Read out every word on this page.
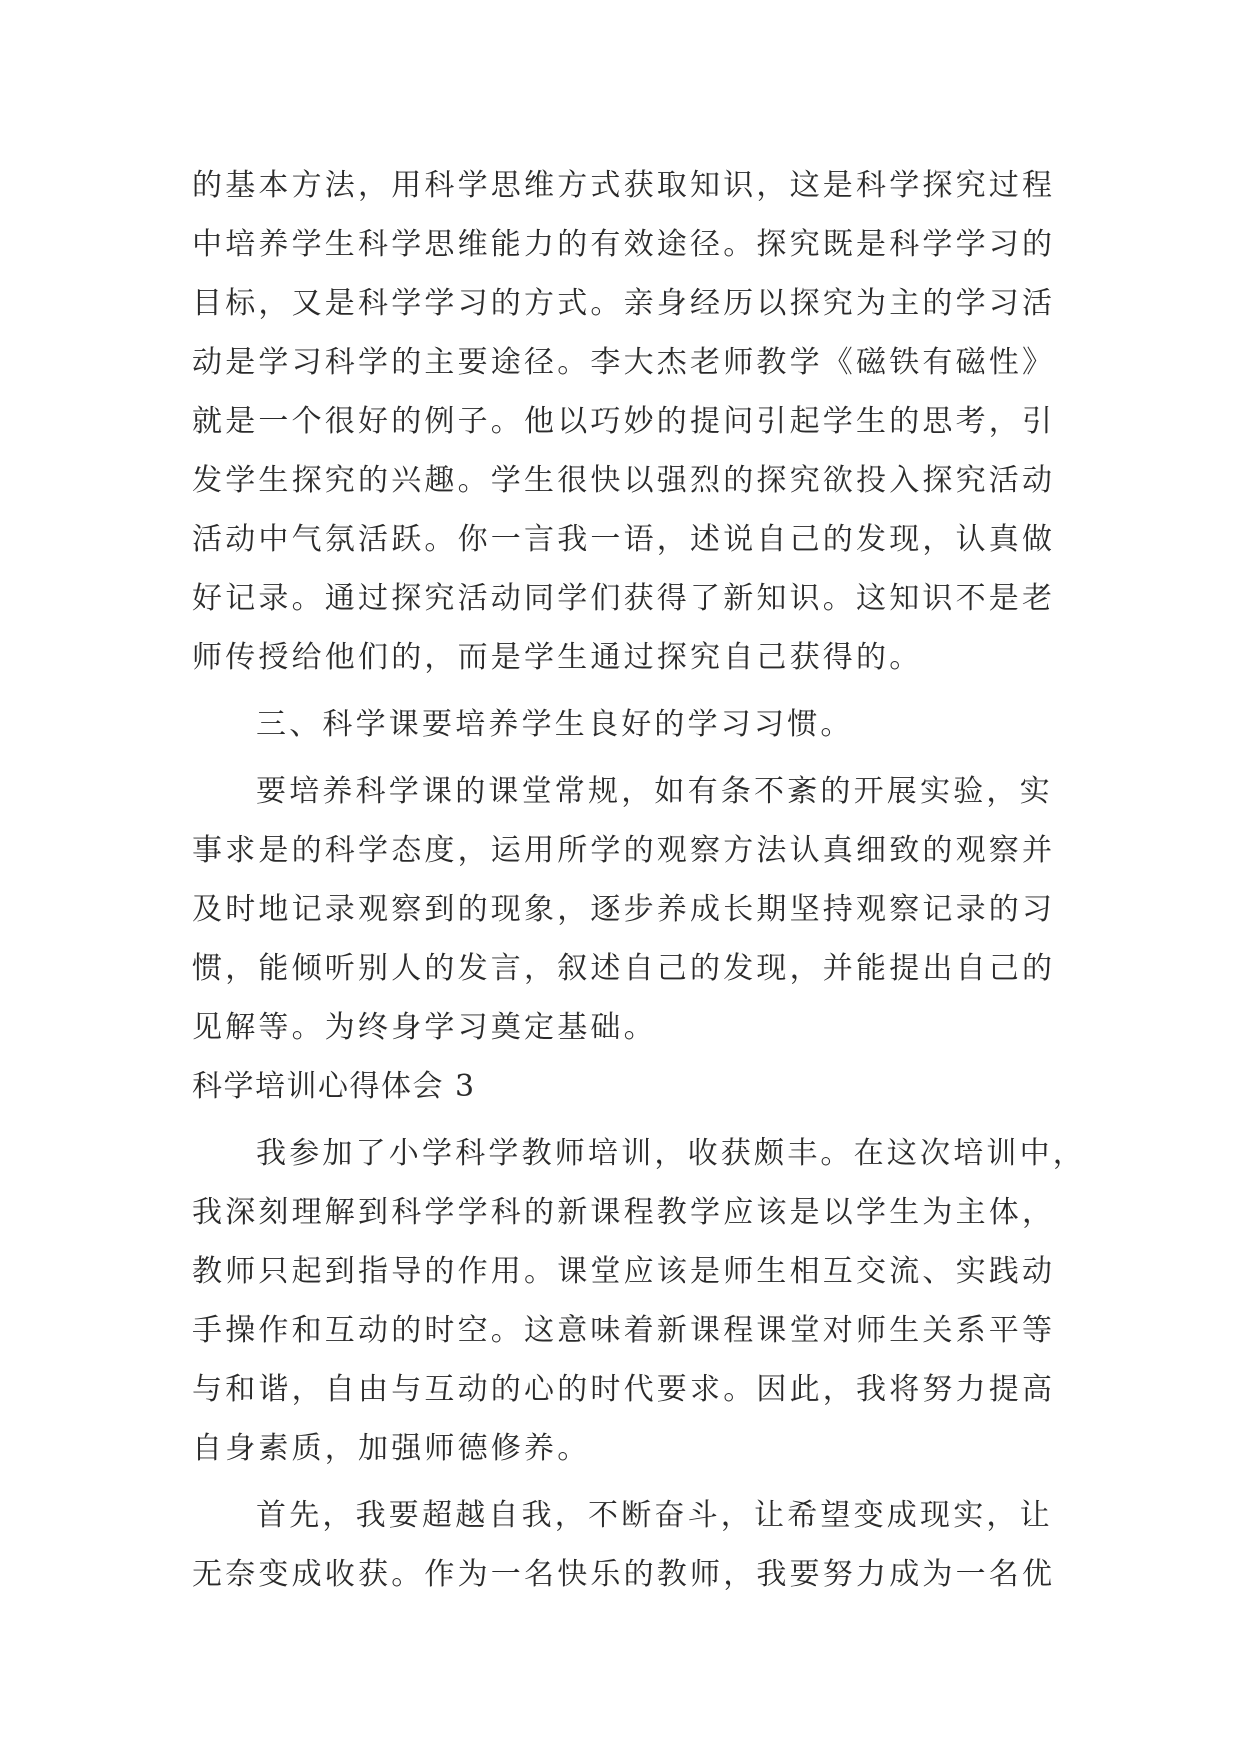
的基本方法，用科学思维方式获取知识，这是科学探究过程
中培养学生科学思维能力的有效途径。探究既是科学学习的
目标，又是科学学习的方式。亲身经历以探究为主的学习活
动是学习科学的主要途径。李大杰老师教学《磁铁有磁性》
就是一个很好的例子。他以巧妙的提问引起学生的思考，引
发学生探究的兴趣。学生很快以强烈的探究欲投入探究活动
活动中气氛活跃。你一言我一语，述说自己的发现，认真做
好记录。通过探究活动同学们获得了新知识。这知识不是老
师传授给他们的，而是学生通过探究自己获得的。
三、科学课要培养学生良好的学习习惯。
要培养科学课的课堂常规，如有条不紊的开展实验，实
事求是的科学态度，运用所学的观察方法认真细致的观察并
及时地记录观察到的现象，逐步养成长期坚持观察记录的习
惯，能倾听别人的发言，叙述自己的发现，并能提出自己的
见解等。为终身学习奠定基础。
科学培训心得体会 3
我参加了小学科学教师培训，收获颇丰。在这次培训中，
我深刻理解到科学学科的新课程教学应该是以学生为主体，
教师只起到指导的作用。课堂应该是师生相互交流、实践动
手操作和互动的时空。这意味着新课程课堂对师生关系平等
与和谐，自由与互动的心的时代要求。因此，我将努力提高
自身素质，加强师德修养。
首先，我要超越自我，不断奋斗，让希望变成现实，让
无奈变成收获。作为一名快乐的教师，我要努力成为一名优
